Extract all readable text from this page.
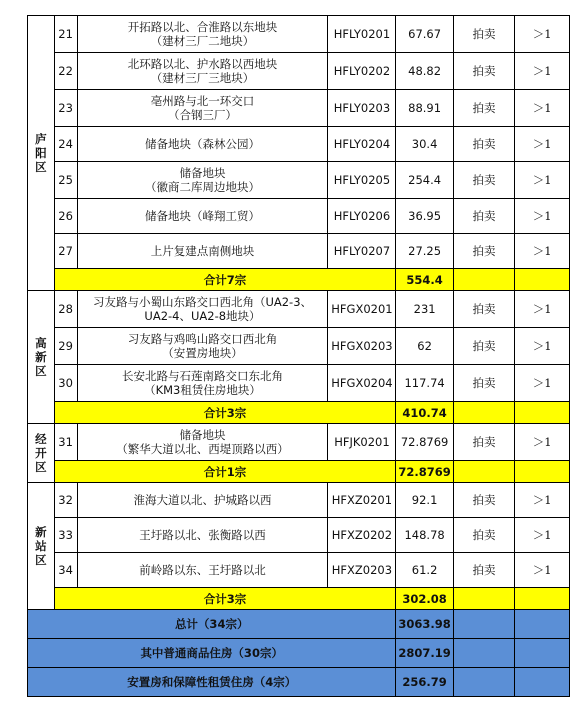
庐
阳
区	21	开拓路以北、合淮路以东地块
（建材三厂二地块）	HFLY0201	67.67	拍卖	＞1
	22	北环路以北、护水路以西地块
（建材三厂三地块）	HFLY0202	48.82	拍卖	＞1
	23	亳州路与北一环交口
（合钢三厂）	HFLY0203	88.91	拍卖	＞1
	24	储备地块（森林公园）	HFLY0204	30.4	拍卖	＞1
	25	储备地块
（徽商二库周边地块）	HFLY0205	254.4	拍卖	＞1
	26	储备地块（峰翔工贸）	HFLY0206	36.95	拍卖	＞1
	27	上片复建点南侧地块	HFLY0207	27.25	拍卖	＞1
	合计7宗			554.4		

高
新
区	28	习友路与小蜀山东路交口西北角（UA2-3、
UA2-4、UA2-8地块）	HFGX0201	231	拍卖	＞1
	29	习友路与鸡鸣山路交口西北角
（安置房地块）	HFGX0203	62	拍卖	＞1
	30	长安北路与石莲南路交口东北角
（KM3租赁住房地块）	HFGX0204	117.74	拍卖	＞1
	合计3宗			410.74		

经
开
区	31	储备地块
（繁华大道以北、西堤顶路以西）	HFJK0201	72.8769	拍卖	＞1
	合计1宗			72.8769		

新
站
区	32	淮海大道以北、护城路以西	HFXZ0201	92.1	拍卖	＞1
	33	王圩路以北、张衡路以西	HFXZ0202	148.78	拍卖	＞1
	34	前岭路以东、王圩路以北	HFXZ0203	61.2	拍卖	＞1
	合计3宗			302.08		
总计（34宗）				3063.98		
其中普通商品住房（30宗）				2807.19		
安置房和保障性租赁住房（4宗）				256.79		
